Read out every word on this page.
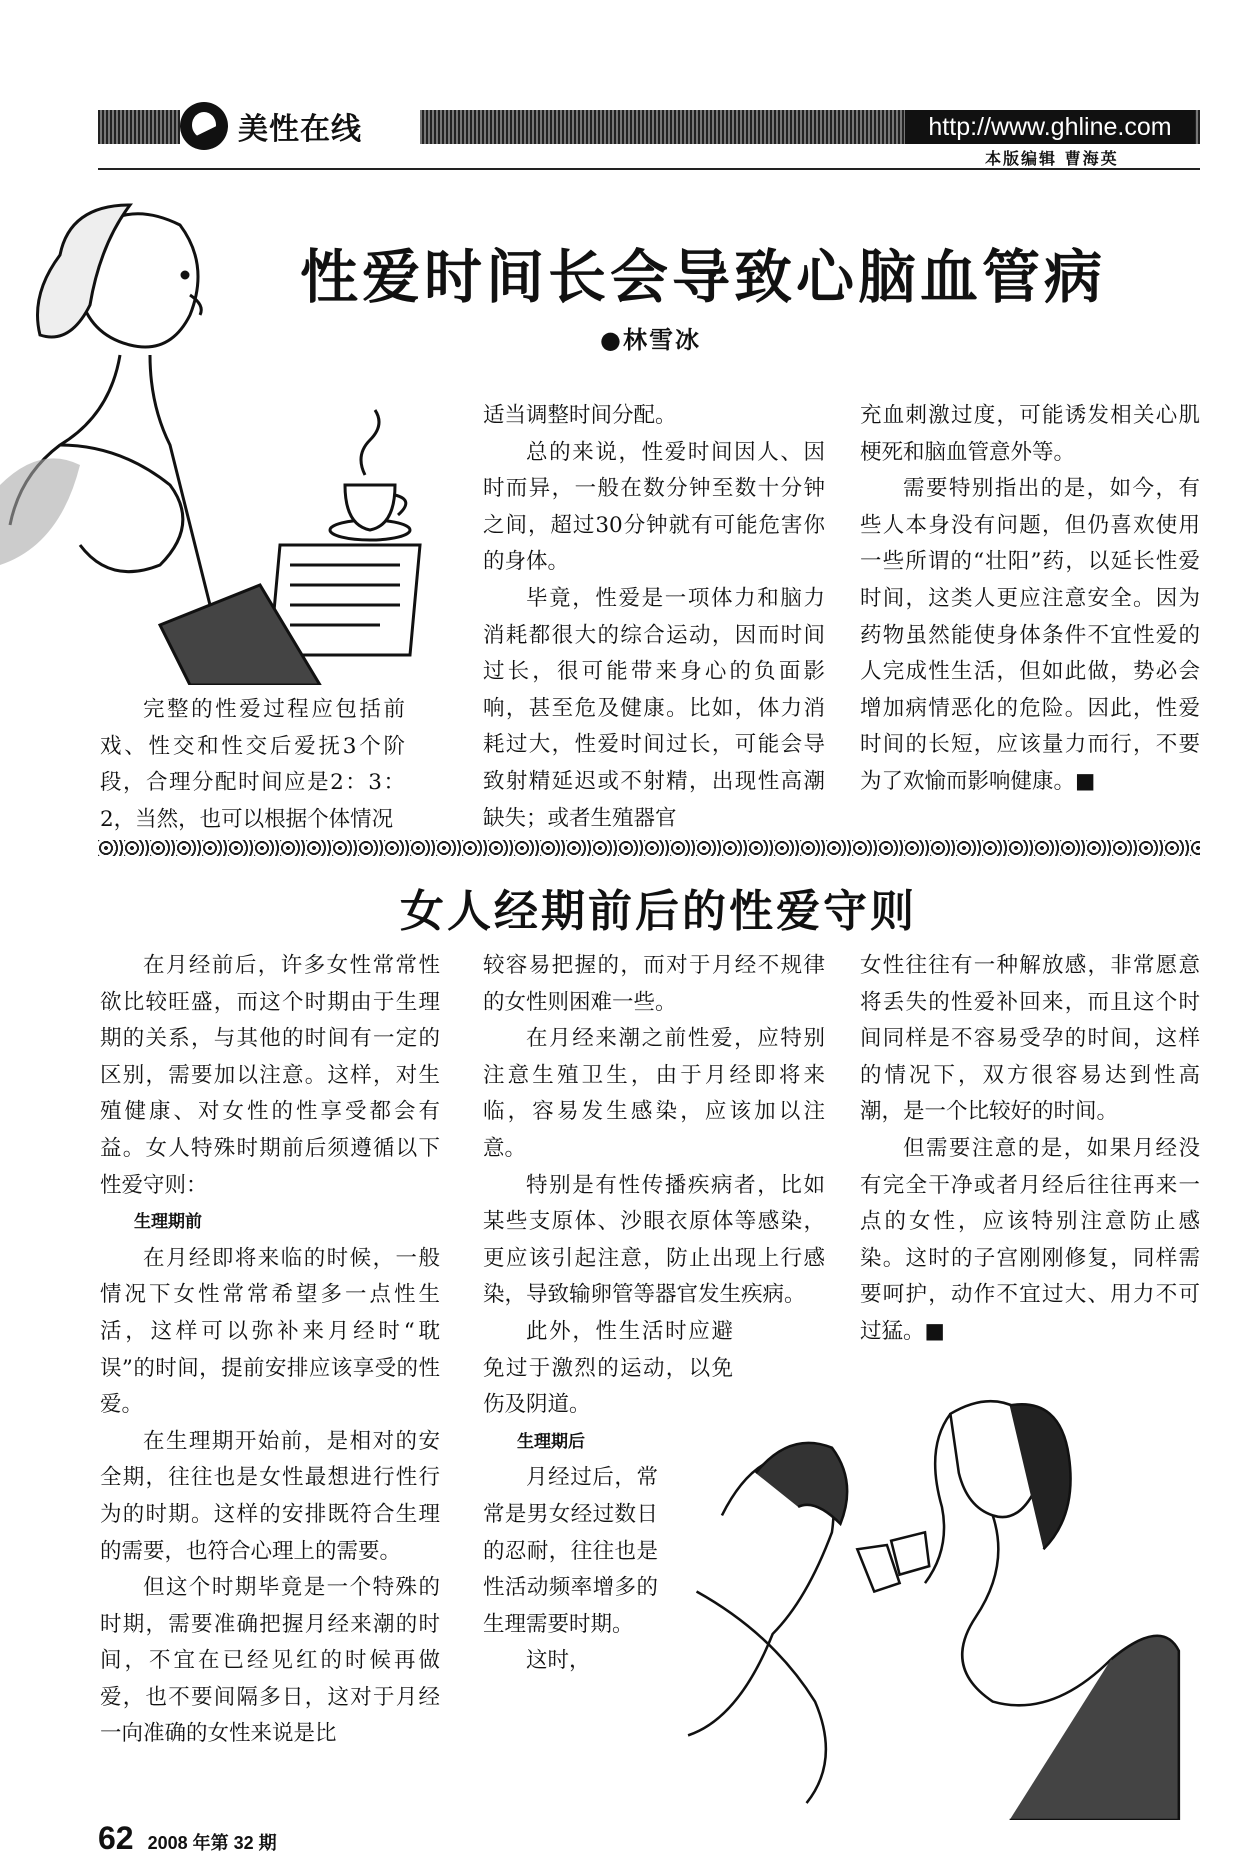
美性在线	http://www.ghline.com
本版编辑 曹海英
性爱时间长会导致心脑血管病
●林雪冰

完整的性爱过程应包括前戏、性交和性交后爱抚3个阶段，合理分配时间应是2：3：2，当然，也可以根据个体情况

适当调整时间分配。

总的来说，性爱时间因人、因时而异，一般在数分钟至数十分钟之间，超过30分钟就有可能危害你的身体。

毕竟，性爱是一项体力和脑力消耗都很大的综合运动，因而时间过长，很可能带来身心的负面影响，甚至危及健康。比如，体力消耗过大，性爱时间过长，可能会导致射精延迟或不射精，出现性高潮缺失；或者生殖器官

充血刺激过度，可能诱发相关心肌梗死和脑血管意外等。

需要特别指出的是，如今，有些人本身没有问题，但仍喜欢使用一些所谓的“壮阳”药，以延长性爱时间，这类人更应注意安全。因为药物虽然能使身体条件不宜性爱的人完成性生活，但如此做，势必会增加病情恶化的危险。因此，性爱时间的长短，应该量力而行，不要为了欢愉而影响健康。■

女人经期前后的性爱守则

在月经前后，许多女性常常性欲比较旺盛，而这个时期由于生理期的关系，与其他的时间有一定的区别，需要加以注意。这样，对生殖健康、对女性的性享受都会有益。女人特殊时期前后须遵循以下性爱守则：

生理期前

在月经即将来临的时候，一般情况下女性常常希望多一点性生活，这样可以弥补来月经时“耽误”的时间，提前安排应该享受的性爱。

在生理期开始前，是相对的安全期，往往也是女性最想进行性行为的时期。这样的安排既符合生理的需要，也符合心理上的需要。

但这个时期毕竟是一个特殊的时期，需要准确把握月经来潮的时间，不宜在已经见红的时候再做爱，也不要间隔多日，这对于月经一向准确的女性来说是比

较容易把握的，而对于月经不规律的女性则困难一些。

在月经来潮之前性爱，应特别注意生殖卫生，由于月经即将来临，容易发生感染，应该加以注意。

特别是有性传播疾病者，比如某些支原体、沙眼衣原体等感染，更应该引起注意，防止出现上行感染，导致输卵管等器官发生疾病。

此外，性生活时应避免过于激烈的运动，以免伤及阴道。

生理期后

月经过后，常常是男女经过数日的忍耐，往往也是性活动频率增多的生理需要时期。

这时，

女性往往有一种解放感，非常愿意将丢失的性爱补回来，而且这个时间同样是不容易受孕的时间，这样的情况下，双方很容易达到性高潮，是一个比较好的时间。

但需要注意的是，如果月经没有完全干净或者月经后往往再来一点的女性，应该特别注意防止感染。这时的子宫刚刚修复，同样需要呵护，动作不宜过大、用力不可过猛。■

62 2008 年第 32 期
